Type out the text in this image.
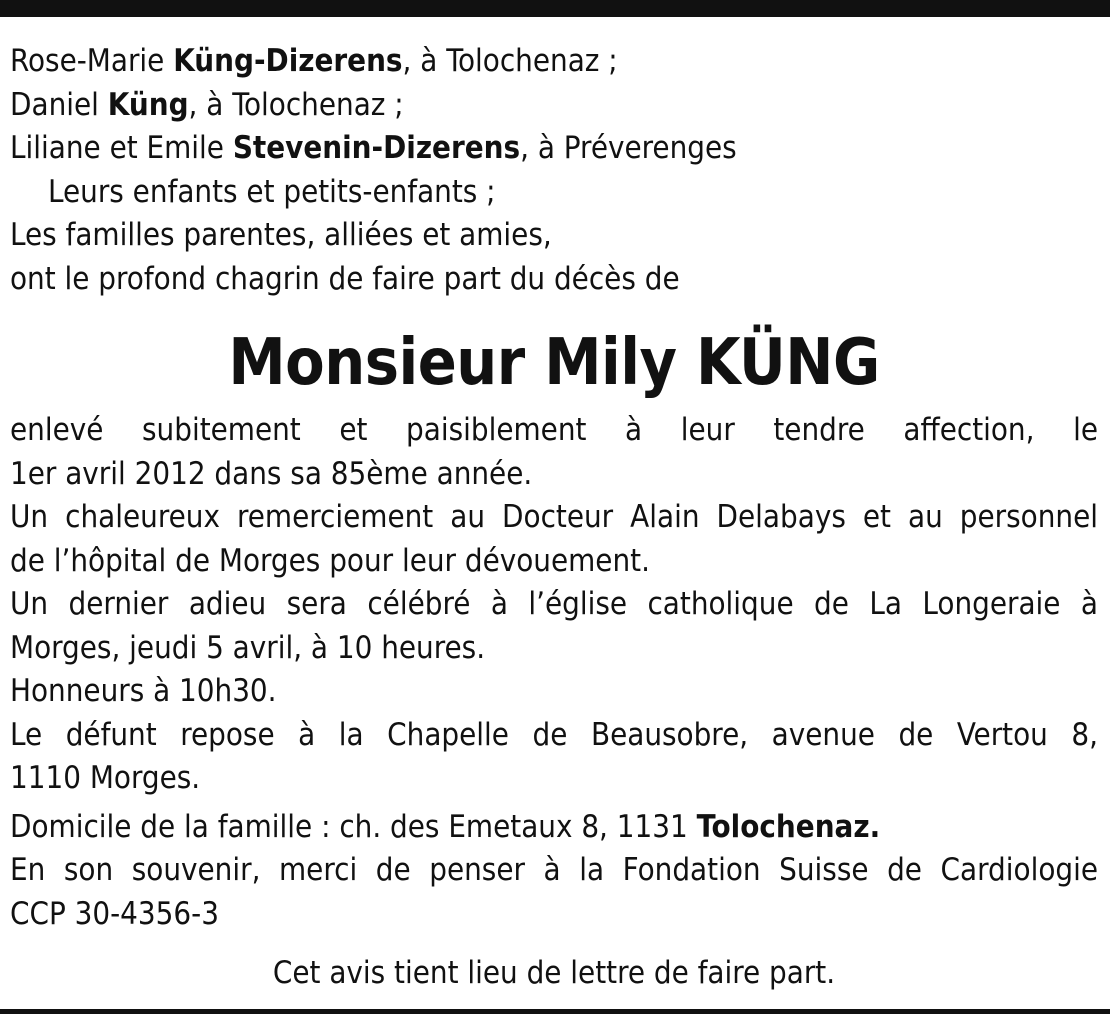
Rose-Marie Küng-Dizerens, à Tolochenaz ;
Daniel Küng, à Tolochenaz ;
Liliane et Emile Stevenin-Dizerens, à Préverenges
Leurs enfants et petits-enfants ;
Les familles parentes, alliées et amies,
ont le profond chagrin de faire part du décès de
Monsieur Mily KÜNG
enlevé subitement et paisiblement à leur tendre affection, le
1er avril 2012 dans sa 85ème année.
Un chaleureux remerciement au Docteur Alain Delabays et au personnel
de l’hôpital de Morges pour leur dévouement.
Un dernier adieu sera célébré à l’église catholique de La Longeraie à
Morges, jeudi 5 avril, à 10 heures.
Honneurs à 10h30.
Le défunt repose à la Chapelle de Beausobre, avenue de Vertou 8,
1110 Morges.
Domicile de la famille : ch. des Emetaux 8, 1131 Tolochenaz.
En son souvenir, merci de penser à la Fondation Suisse de Cardiologie
CCP 30-4356-3
Cet avis tient lieu de lettre de faire part.
